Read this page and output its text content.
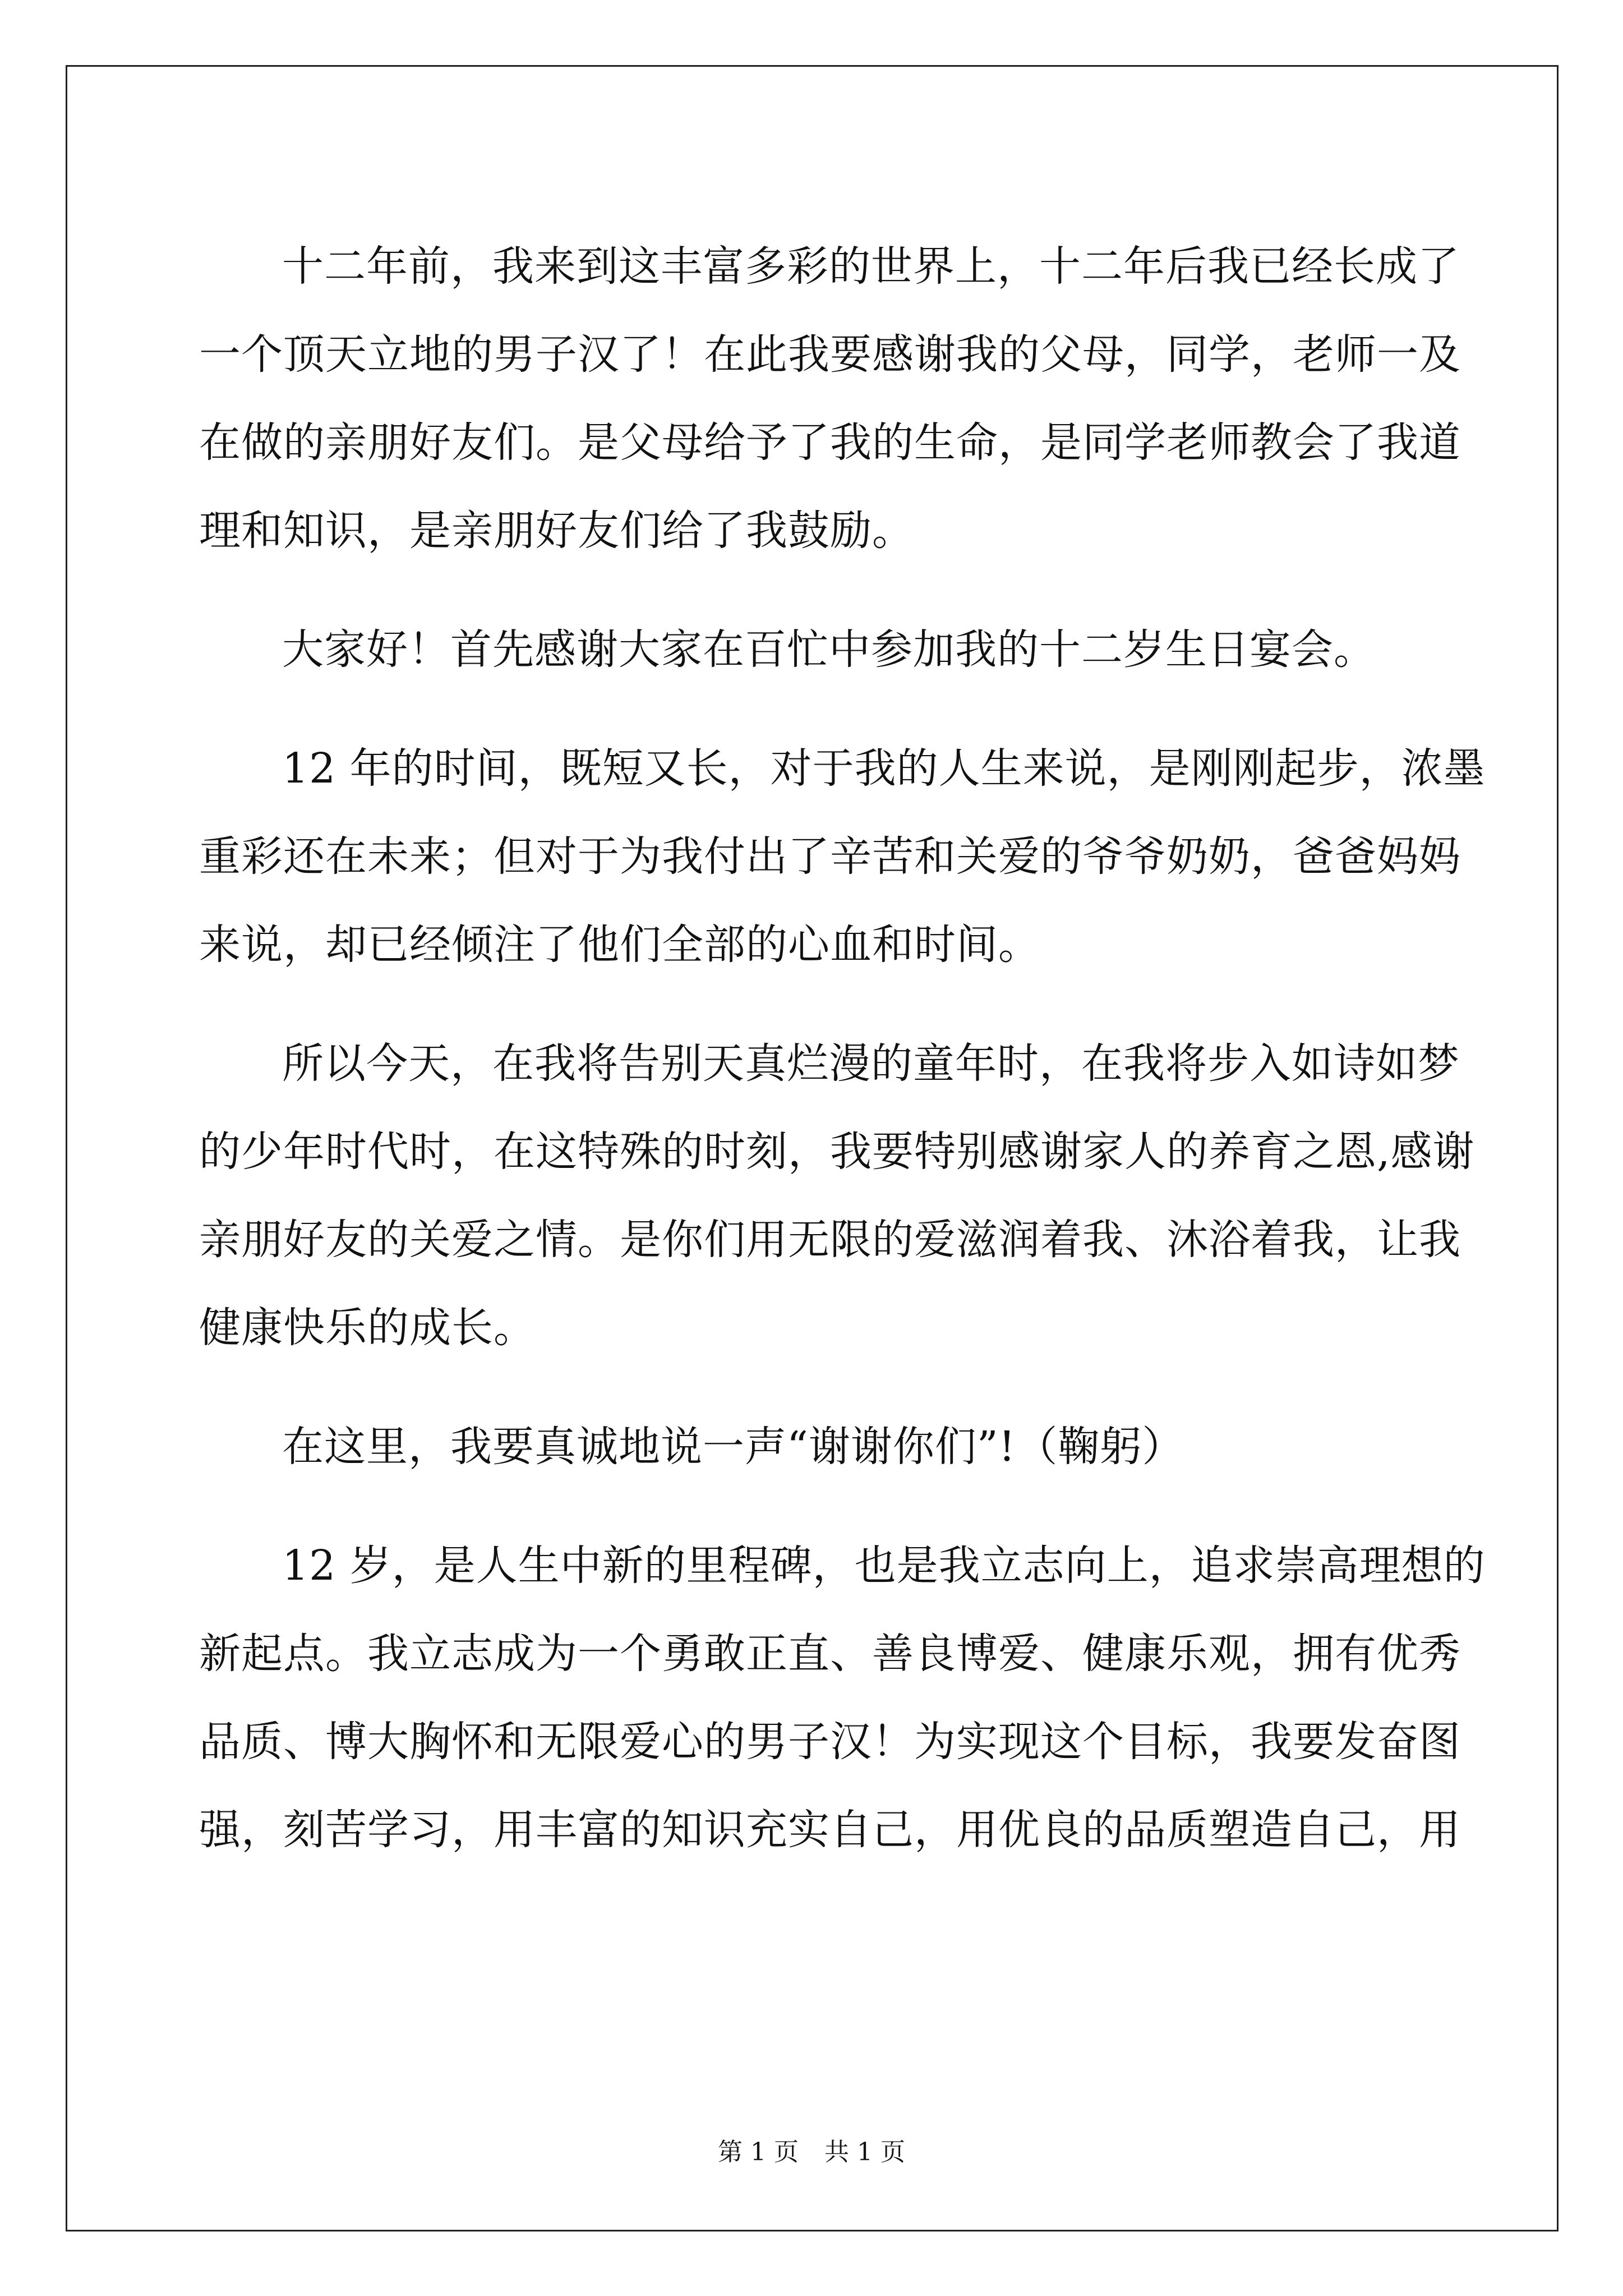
十二年前，我来到这丰富多彩的世界上，十二年后我已经长成了
一个顶天立地的男子汉了！在此我要感谢我的父母，同学，老师一及
在做的亲朋好友们。是父母给予了我的生命，是同学老师教会了我道
理和知识，是亲朋好友们给了我鼓励。
大家好！首先感谢大家在百忙中参加我的十二岁生日宴会。
12 年的时间，既短又长，对于我的人生来说，是刚刚起步，浓墨
重彩还在未来；但对于为我付出了辛苦和关爱的爷爷奶奶，爸爸妈妈
来说，却已经倾注了他们全部的心血和时间。
所以今天，在我将告别天真烂漫的童年时，在我将步入如诗如梦
的少年时代时，在这特殊的时刻，我要特别感谢家人的养育之恩,感谢
亲朋好友的关爱之情。是你们用无限的爱滋润着我、沐浴着我，让我
健康快乐的成长。
在这里，我要真诚地说一声“谢谢你们”!（鞠躬）
12 岁，是人生中新的里程碑，也是我立志向上，追求崇高理想的
新起点。我立志成为一个勇敢正直、善良博爱、健康乐观，拥有优秀
品质、博大胸怀和无限爱心的男子汉！为实现这个目标，我要发奋图
强，刻苦学习，用丰富的知识充实自己，用优良的品质塑造自己，用
第 1 页 共 1 页
